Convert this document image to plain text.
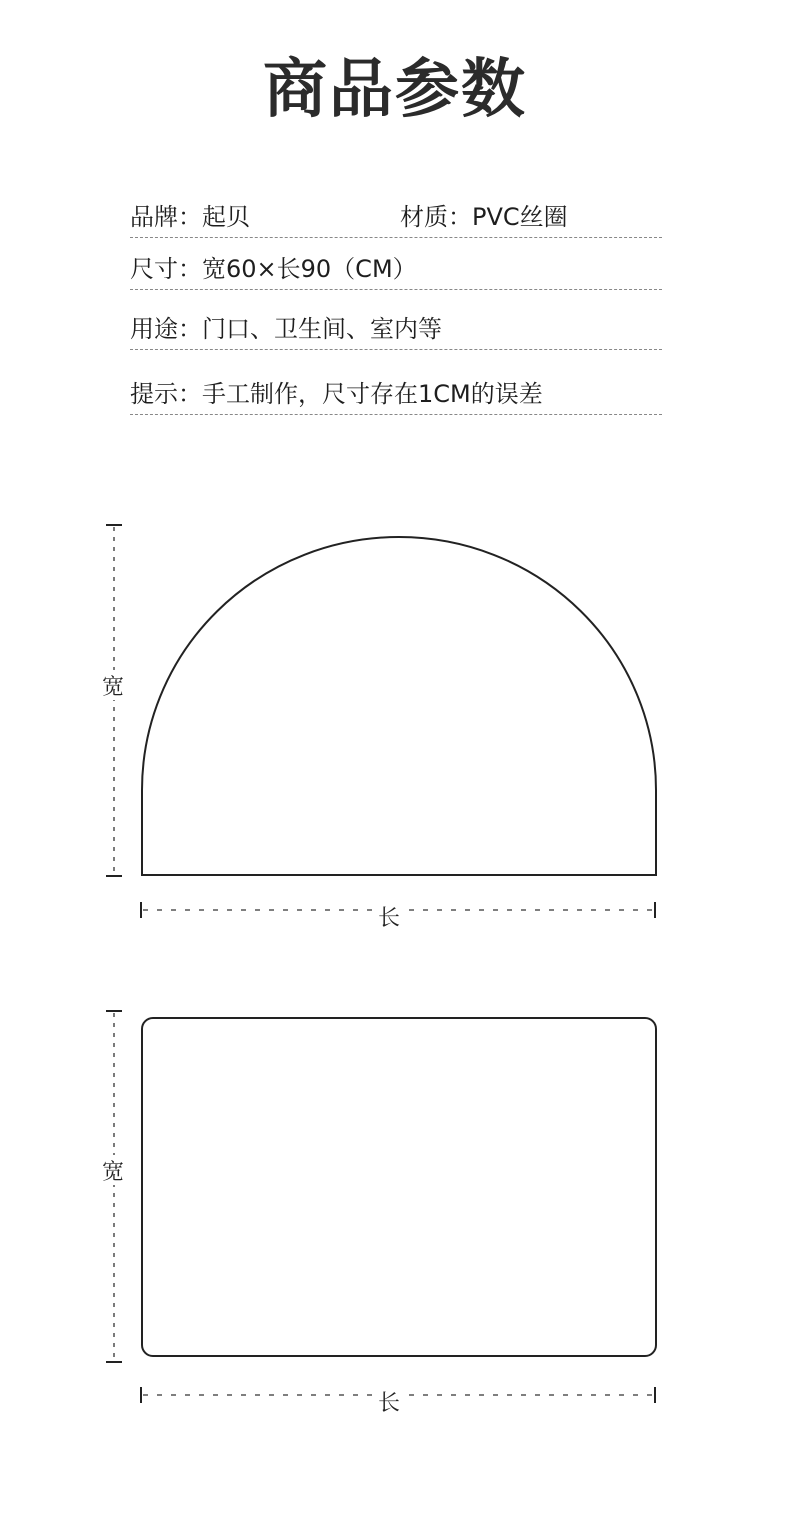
商品参数
品牌：起贝	材质：PVC丝圈
尺寸：宽60×长90（CM）
用途：门口、卫生间、室内等
提示：手工制作，尺寸存在1CM的误差
宽
长
宽
长
